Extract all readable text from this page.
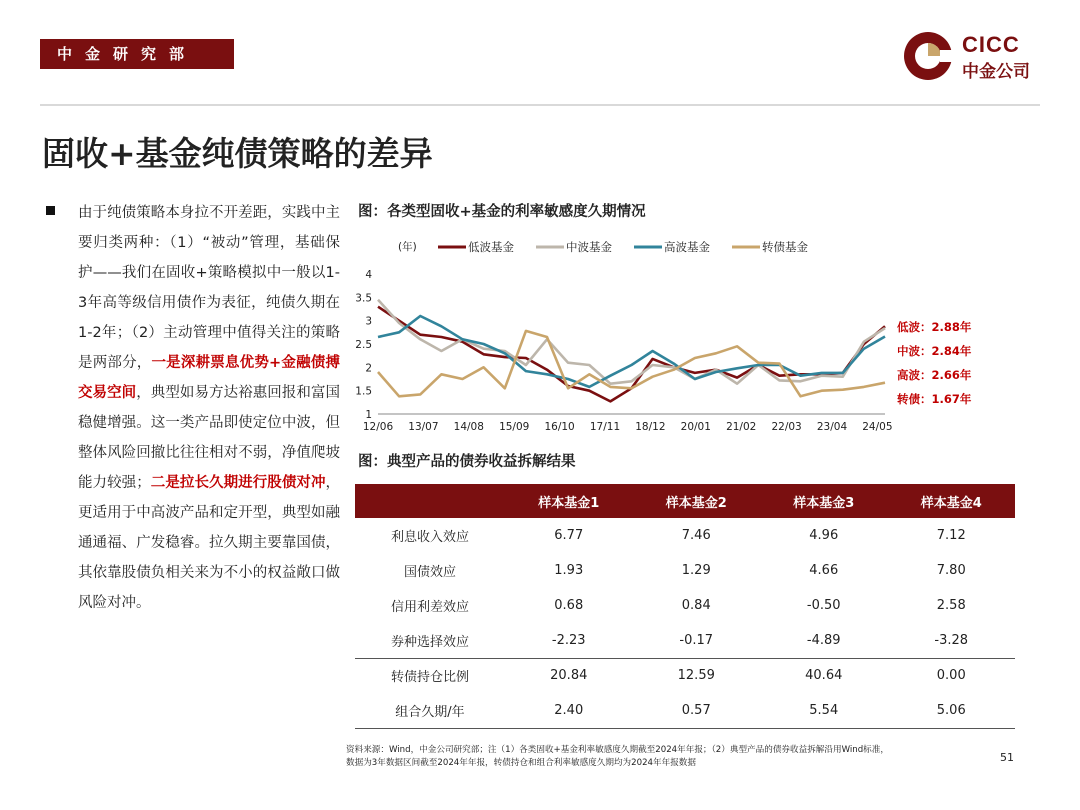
中金研究部	CICC
中金公司
固收+基金纯债策略的差异
由于纯债策略本身拉不开差距，实践中主要归类两种：（1）“被动”管理，基础保护——我们在固收+策略模拟中一般以1-3年高等级信用债作为表征，纯债久期在1-2年；（2）主动管理中值得关注的策略是两部分，一是深耕票息优势+金融债搏交易空间，典型如易方达裕惠回报和富国稳健增强。这一类产品即使定位中波，但整体风险回撤比往往相对不弱，净值爬坡能力较强；二是拉长久期进行股债对冲，更适用于中高波产品和定开型，典型如融通通福、广发稳睿。拉久期主要靠国债，其依靠股债负相关来为不小的权益敞口做风险对冲。
图：各类型固收+基金的利率敏感度久期情况
(年)	低波基金	中波基金	高波基金	转债基金
1
1.5
2
2.5
3
3.5
4
12/06 13/07 14/08 15/09 16/10 17/11 18/12 20/01 21/02 22/03 23/04 24/05
低波：2.88年
中波：2.84年
高波：2.66年
转债：1.67年
图：典型产品的债券收益拆解结果
	样本基金1	样本基金2	样本基金3	样本基金4
利息收入效应	6.77	7.46	4.96	7.12
国债效应	1.93	1.29	4.66	7.80
信用利差效应	0.68	0.84	-0.50	2.58
券种选择效应	-2.23	-0.17	-4.89	-3.28
转债持仓比例	20.84	12.59	40.64	0.00
组合久期/年	2.40	0.57	5.54	5.06
资料来源：Wind，中金公司研究部；注（1）各类固收+基金利率敏感度久期截至2024年年报；（2）典型产品的债券收益拆解沿用Wind标准，
数据为3年数据区间截至2024年年报，转债持仓和组合利率敏感度久期均为2024年年报数据	51
